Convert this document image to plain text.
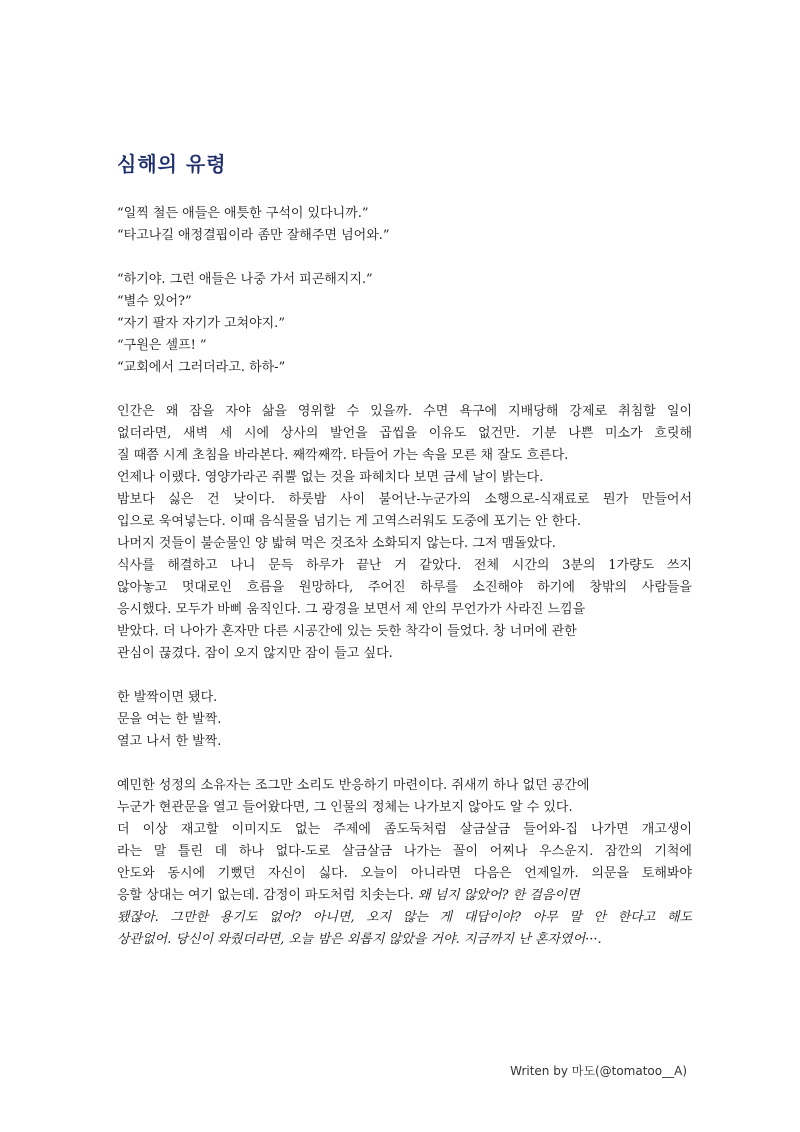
심해의 유령
“일찍 철든 애들은 애틋한 구석이 있다니까.”
“타고나길 애정결핍이라 좀만 잘해주면 넘어와.”
“하기야. 그런 애들은 나중 가서 피곤해지지.”
“별수 있어?”
“자기 팔자 자기가 고쳐야지.”
“구원은 셀프! ”
“교회에서 그러더라고. 하하-”
인간은 왜 잠을 자야 삶을 영위할 수 있을까. 수면 욕구에 지배당해 강제로 취침할 일이
없더라면, 새벽 세 시에 상사의 발언을 곱씹을 이유도 없건만. 기분 나쁜 미소가 흐릿해
질 때쯤 시계 초침을 바라본다. 째깍째깍. 타들어 가는 속을 모른 채 잘도 흐른다.
언제나 이랬다. 영양가라곤 쥐뿔 없는 것을 파헤치다 보면 금세 날이 밝는다.
밤보다 싫은 건 낮이다. 하룻밤 사이 불어난-누군가의 소행으로-식재료로 뭔가 만들어서
입으로 욱여넣는다. 이때 음식물을 넘기는 게 고역스러워도 도중에 포기는 안 한다.
나머지 것들이 불순물인 양 밟혀 먹은 것조차 소화되지 않는다. 그저 맴돌았다.
식사를 해결하고 나니 문득 하루가 끝난 거 같았다. 전체 시간의 3분의 1가량도 쓰지
않아놓고 멋대로인 흐름을 원망하다, 주어진 하루를 소진해야 하기에 창밖의 사람들을
응시했다. 모두가 바삐 움직인다. 그 광경을 보면서 제 안의 무언가가 사라진 느낌을
받았다. 더 나아가 혼자만 다른 시공간에 있는 듯한 착각이 들었다. 창 너머에 관한
관심이 끊겼다. 잠이 오지 않지만 잠이 들고 싶다.
한 발짝이면 됐다.
문을 여는 한 발짝.
열고 나서 한 발짝.
예민한 성정의 소유자는 조그만 소리도 반응하기 마련이다. 쥐새끼 하나 없던 공간에
누군가 현관문을 열고 들어왔다면, 그 인물의 정체는 나가보지 않아도 알 수 있다.
더 이상 재고할 이미지도 없는 주제에 좀도둑처럼 살금살금 들어와-집 나가면 개고생이
라는 말 틀린 데 하나 없다-도로 살금살금 나가는 꼴이 어찌나 우스운지. 잠깐의 기척에
안도와 동시에 기뻤던 자신이 싫다. 오늘이 아니라면 다음은 언제일까. 의문을 토해봐야
응할 상대는 여기 없는데. 감정이 파도처럼 치솟는다. 왜 넘지 않았어? 한 걸음이면
됐잖아. 그만한 용기도 없어? 아니면, 오지 않는 게 대답이야? 아무 말 안 한다고 해도
상관없어. 당신이 와줬더라면, 오늘 밤은 외롭지 않았을 거야. 지금까지 난 혼자였어···.
Writen by 마도(@tomatoo__A)
